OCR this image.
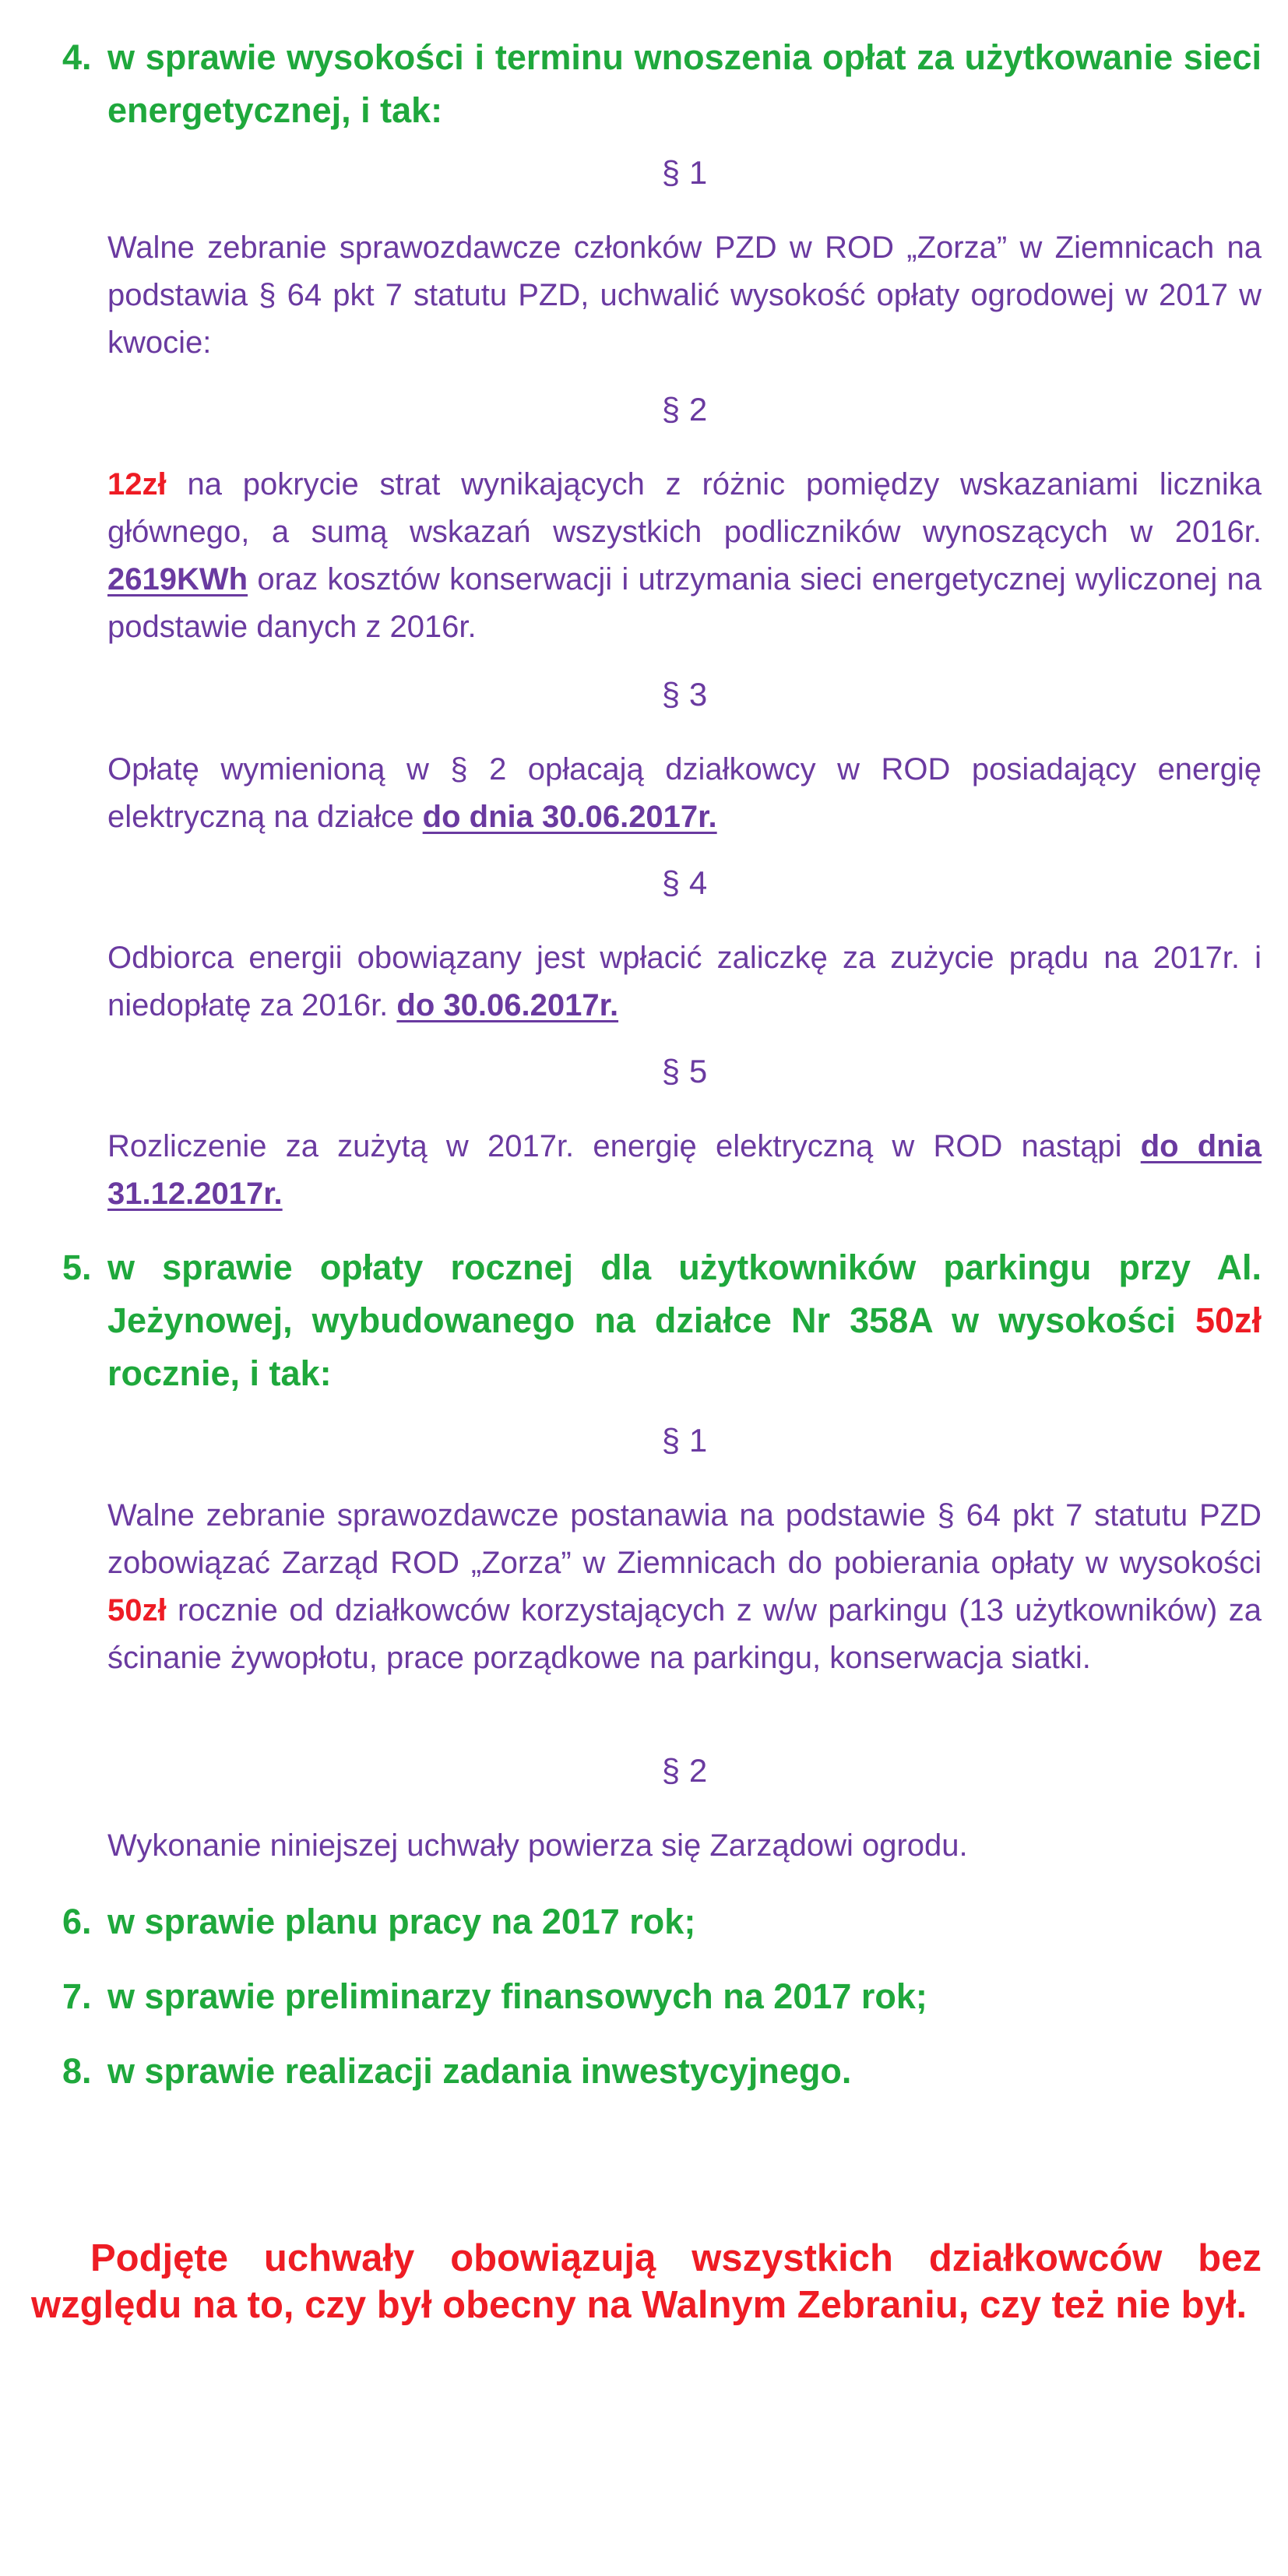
4. w sprawie wysokości i terminu wnoszenia opłat za użytkowanie sieci energetycznej, i tak:
§ 1
Walne zebranie sprawozdawcze członków PZD w ROD „Zorza” w Ziemnicach na podstawia § 64 pkt 7 statutu PZD, uchwalić wysokość opłaty ogrodowej w 2017 w kwocie:
§ 2
12zł na pokrycie strat wynikających z różnic pomiędzy wskazaniami licznika głównego, a sumą wskazań wszystkich podliczników wynoszących w 2016r. 2619KWh oraz kosztów konserwacji i utrzymania sieci energetycznej wyliczonej na podstawie danych z 2016r.
§ 3
Opłatę wymienioną w § 2 opłacają działkowcy w ROD posiadający energię elektryczną na działce do dnia 30.06.2017r.
§ 4
Odbiorca energii obowiązany jest wpłacić zaliczkę za zużycie prądu na 2017r. i niedopłatę za 2016r. do 30.06.2017r.
§ 5
Rozliczenie za zużytą w 2017r. energię elektryczną w ROD nastąpi do dnia 31.12.2017r.
5. w sprawie opłaty rocznej dla użytkowników parkingu przy Al. Jeżynowej, wybudowanego na działce Nr 358A w wysokości 50zł rocznie, i tak:
§ 1
Walne zebranie sprawozdawcze postanawia na podstawie § 64 pkt 7 statutu PZD zobowiązać Zarząd ROD „Zorza” w Ziemnicach do pobierania opłaty w wysokości 50zł rocznie od działkowców korzystających z w/w parkingu (13 użytkowników) za ścinanie żywopłotu, prace porządkowe na parkingu, konserwacja siatki.
§ 2
Wykonanie niniejszej uchwały powierza się Zarządowi ogrodu.
6. w sprawie planu pracy na 2017 rok;
7. w sprawie preliminarzy finansowych na 2017 rok;
8. w sprawie realizacji zadania inwestycyjnego.
Podjęte uchwały obowiązują wszystkich działkowców bez względu na to, czy był obecny na Walnym Zebraniu, czy też nie był.
